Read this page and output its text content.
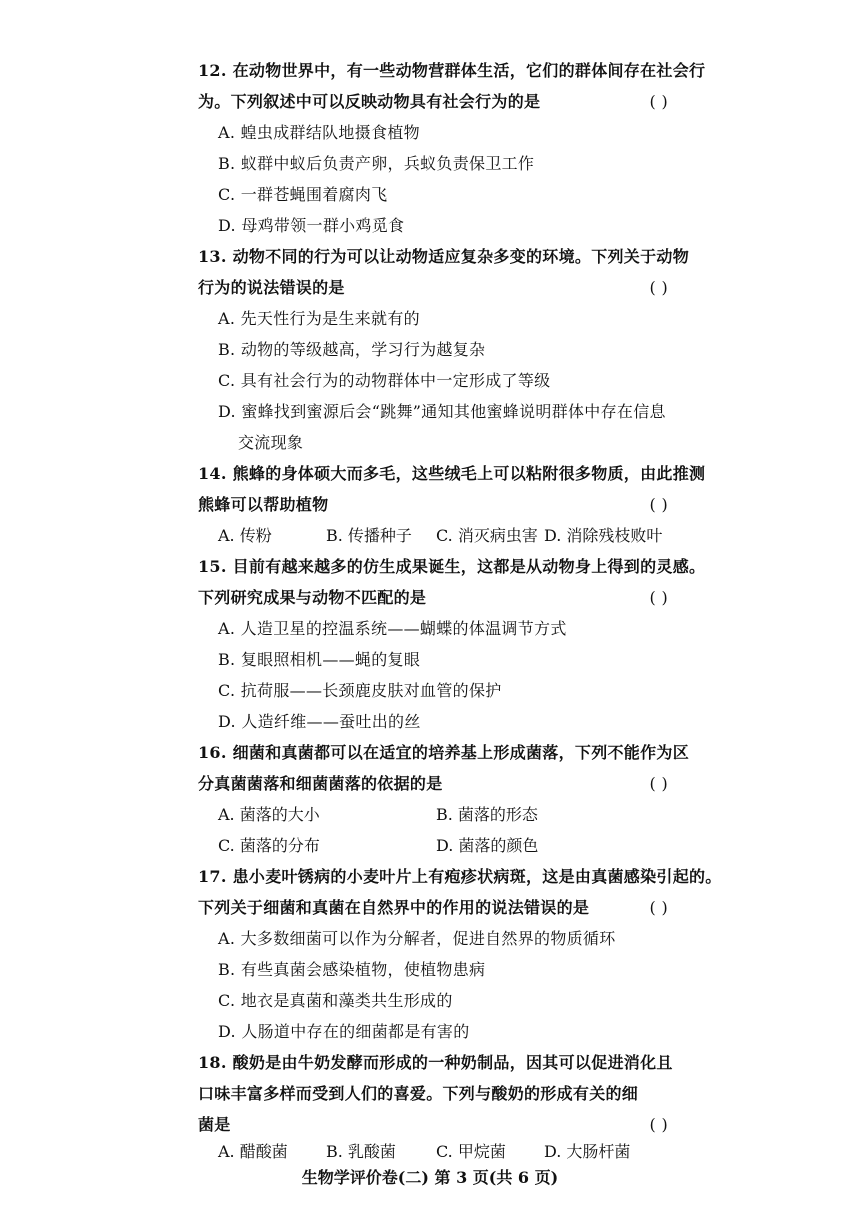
12. 在动物世界中，有一些动物营群体生活，它们的群体间存在社会行
为。下列叙述中可以反映动物具有社会行为的是	( )
A. 蝗虫成群结队地摄食植物
B. 蚁群中蚁后负责产卵，兵蚁负责保卫工作
C. 一群苍蝇围着腐肉飞
D. 母鸡带领一群小鸡觅食
13. 动物不同的行为可以让动物适应复杂多变的环境。下列关于动物
行为的说法错误的是	( )
A. 先天性行为是生来就有的
B. 动物的等级越高，学习行为越复杂
C. 具有社会行为的动物群体中一定形成了等级
D. 蜜蜂找到蜜源后会“跳舞”通知其他蜜蜂说明群体中存在信息
交流现象
14. 熊蜂的身体硕大而多毛，这些绒毛上可以粘附很多物质，由此推测
熊蜂可以帮助植物	( )
A. 传粉	B. 传播种子 C. 消灭病虫害 D. 消除残枝败叶
15. 目前有越来越多的仿生成果诞生，这都是从动物身上得到的灵感。
下列研究成果与动物不匹配的是	( )
A. 人造卫星的控温系统——蝴蝶的体温调节方式
B. 复眼照相机——蝇的复眼
C. 抗荷服——长颈鹿皮肤对血管的保护
D. 人造纤维——蚕吐出的丝
16. 细菌和真菌都可以在适宜的培养基上形成菌落，下列不能作为区
分真菌菌落和细菌菌落的依据的是	( )
A. 菌落的大小	B. 菌落的形态
C. 菌落的分布	D. 菌落的颜色
17. 患小麦叶锈病的小麦叶片上有疱疹状病斑，这是由真菌感染引起的。
下列关于细菌和真菌在自然界中的作用的说法错误的是	( )
A. 大多数细菌可以作为分解者，促进自然界的物质循环
B. 有些真菌会感染植物，使植物患病
C. 地衣是真菌和藻类共生形成的
D. 人肠道中存在的细菌都是有害的
18. 酸奶是由牛奶发酵而形成的一种奶制品，因其可以促进消化且
口味丰富多样而受到人们的喜爱。下列与酸奶的形成有关的细
菌是	( )
A. 醋酸菌 B. 乳酸菌	C. 甲烷菌 D. 大肠杆菌
生物学评价卷(二) 第 3 页(共 6 页)
